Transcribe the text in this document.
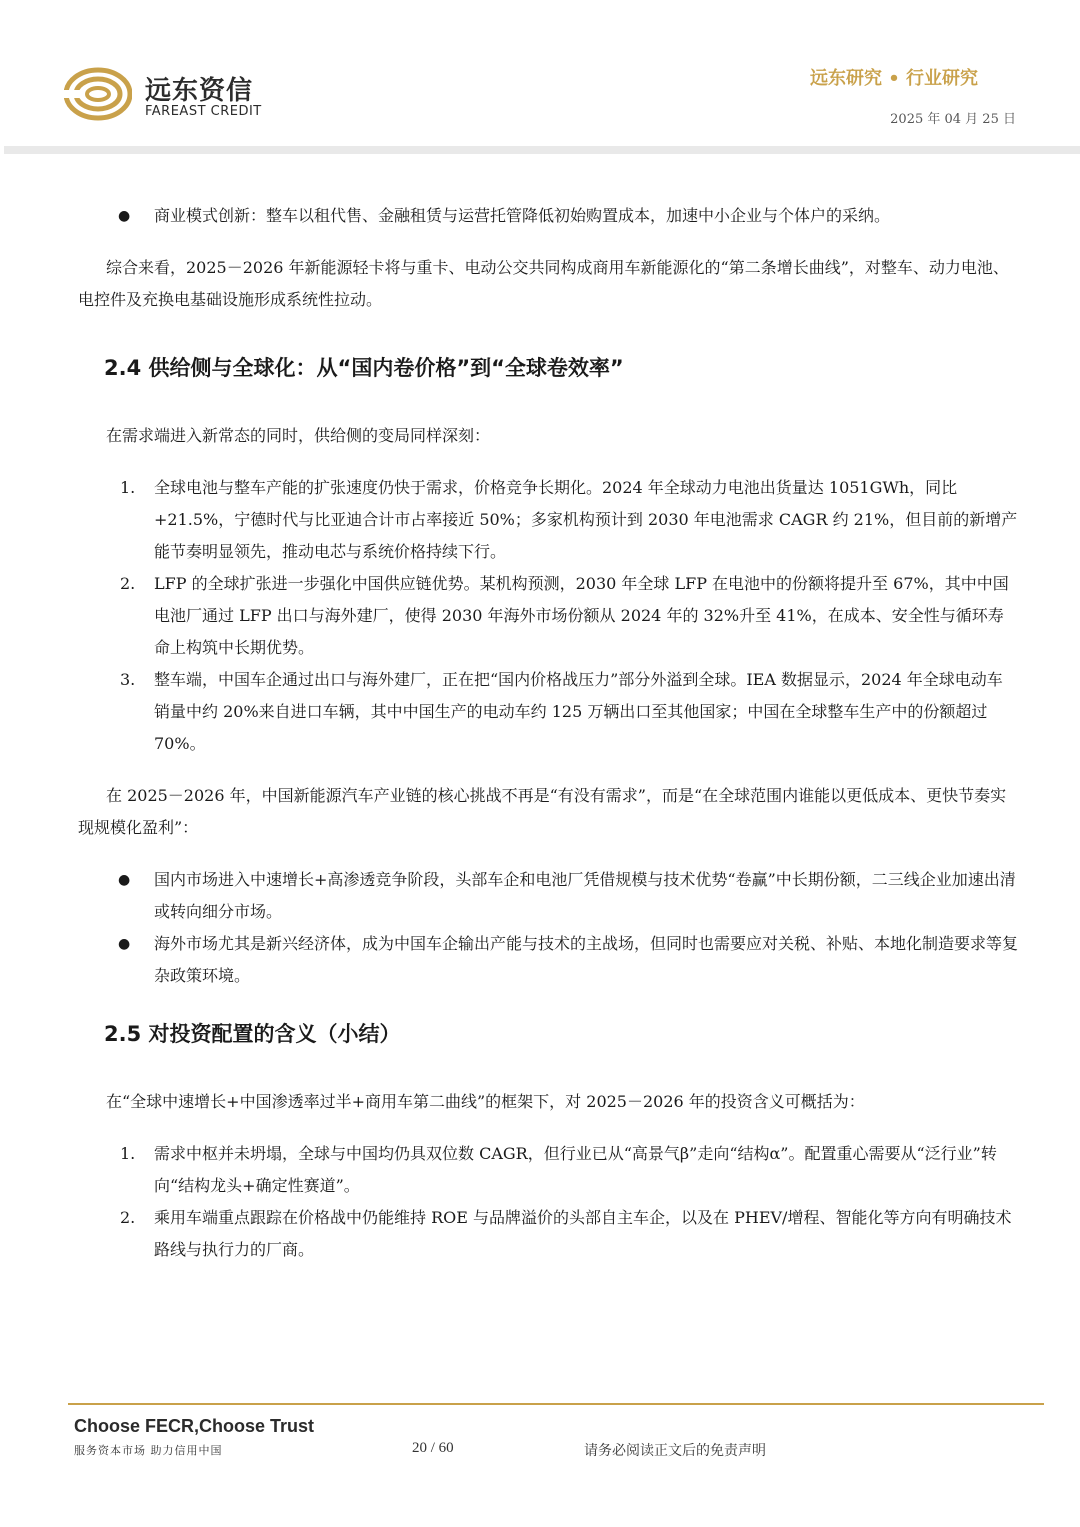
远东资信
FAREAST CREDIT
远东研究 • 行业研究
2025 年 04 月 25 日
● 商业模式创新：整车以租代售、金融租赁与运营托管降低初始购置成本，加速中小企业与个体户的采纳。

综合来看，2025－2026 年新能源轻卡将与重卡、电动公交共同构成商用车新能源化的“第二条增长曲线”，对整车、动力电池、电控件及充换电基础设施形成系统性拉动。

2.4 供给侧与全球化：从“国内卷价格”到“全球卷效率”

在需求端进入新常态的同时，供给侧的变局同样深刻：

1. 全球电池与整车产能的扩张速度仍快于需求，价格竞争长期化。2024 年全球动力电池出货量达 1051GWh，同比+21.5%，宁德时代与比亚迪合计市占率接近 50%；多家机构预计到 2030 年电池需求 CAGR 约 21%，但目前的新增产能节奏明显领先，推动电芯与系统价格持续下行。
2. LFP 的全球扩张进一步强化中国供应链优势。某机构预测，2030 年全球 LFP 在电池中的份额将提升至 67%，其中中国电池厂通过 LFP 出口与海外建厂，使得 2030 年海外市场份额从 2024 年的 32%升至 41%，在成本、安全性与循环寿命上构筑中长期优势。
3. 整车端，中国车企通过出口与海外建厂，正在把“国内价格战压力”部分外溢到全球。IEA 数据显示，2024 年全球电动车销量中约 20%来自进口车辆，其中中国生产的电动车约 125 万辆出口至其他国家；中国在全球整车生产中的份额超过 70%。

在 2025－2026 年，中国新能源汽车产业链的核心挑战不再是“有没有需求”，而是“在全球范围内谁能以更低成本、更快节奏实现规模化盈利”：

● 国内市场进入中速增长+高渗透竞争阶段，头部车企和电池厂凭借规模与技术优势“卷赢”中长期份额，二三线企业加速出清或转向细分市场。
● 海外市场尤其是新兴经济体，成为中国车企输出产能与技术的主战场，但同时也需要应对关税、补贴、本地化制造要求等复杂政策环境。
2.5 对投资配置的含义（小结）

在“全球中速增长+中国渗透率过半+商用车第二曲线”的框架下，对 2025－2026 年的投资含义可概括为：

1. 需求中枢并未坍塌，全球与中国均仍具双位数 CAGR，但行业已从“高景气β”走向“结构α”。配置重心需要从“泛行业”转向“结构龙头+确定性赛道”。
2. 乘用车端重点跟踪在价格战中仍能维持 ROE 与品牌溢价的头部自主车企，以及在 PHEV/增程、智能化等方向有明确技术路线与执行力的厂商。
Choose FECR,Choose Trust
服务资本市场 助力信用中国	20 / 60	请务必阅读正文后的免责声明
